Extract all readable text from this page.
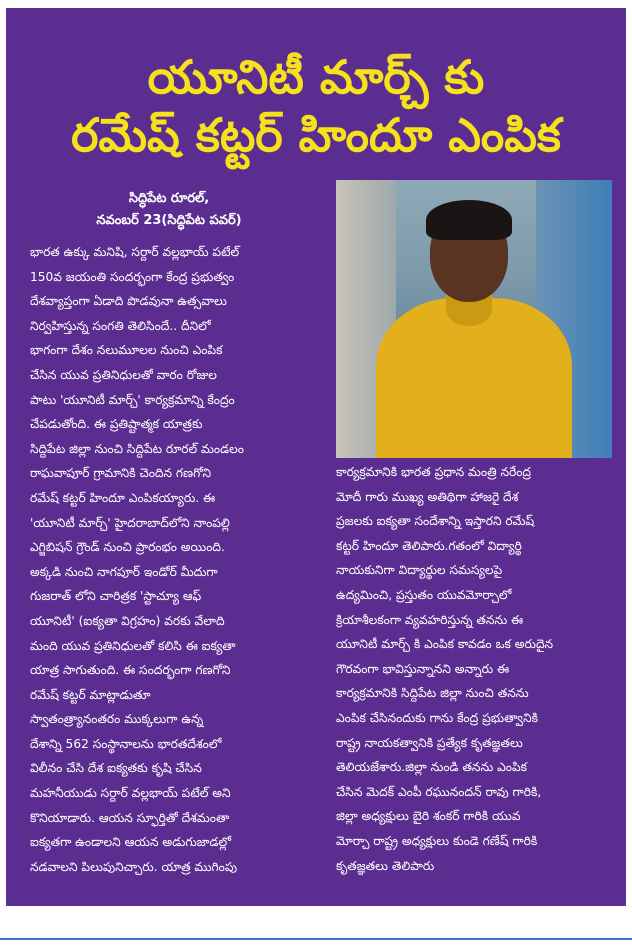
యూనిటీ మార్చ్ కు
రమేష్ కట్టర్ హిందూ ఎంపిక
సిద్ధిపేట రూరల్,
నవంబర్ 23(సిద్ధిపేట పవర్)
భారత ఉక్కు మనిషి, సర్దార్ వల్లభాయ్ పటేల్
150వ జయంతి సందర్భంగా కేంద్ర ప్రభుత్వం
దేశవ్యాప్తంగా ఏడాది పొడవునా ఉత్సవాలు
నిర్వహిస్తున్న సంగతి తెలిసిందే.. దీనిలో
భాగంగా దేశం నలుమూలల నుంచి ఎంపిక
చేసిన యువ ప్రతినిధులతో వారం రోజుల
పాటు 'యూనిటీ మార్చ్' కార్యక్రమాన్ని కేంద్రం
చేపడుతోంది. ఈ ప్రతిష్టాత్మక యాత్రకు
సిద్దిపేట జిల్లా నుంచి సిద్దిపేట రూరల్ మండలం
రాఘవాపూర్ గ్రామానికి చెందిన గణగోని
రమేష్ కట్టర్ హిందూ ఎంపికయ్యారు. ఈ
'యూనిటీ మార్చ్' హైదరాబాద్‌లోని నాంపల్లి
ఎగ్జిబిషన్ గ్రౌండ్ నుంచి ప్రారంభం అయింది.
అక్కడి నుంచి నాగపూర్ ఇండోర్ మీదుగా
గుజరాత్ లోని చారిత్రక 'స్టాచ్యూ ఆఫ్
యూనిటీ' (ఐక్యతా విగ్రహం) వరకు వేలాది
మంది యువ ప్రతినిధులతో కలిసి ఈ ఐక్యతా
యాత్ర సాగుతుంది. ఈ సందర్భంగా గణగోని
రమేష్ కట్టర్ మాట్లాడుతూ
స్వాతంత్ర్యానంతరం ముక్కలుగా ఉన్న
దేశాన్ని 562 సంస్థానాలను భారతదేశంలో
విలీనం చేసి దేశ ఐక్యతకు కృషి చేసిన
మహనీయుడు సర్దార్ వల్లభాయ్ పటేల్ అని
కొనియాడారు. ఆయన స్ఫూర్తితో దేశమంతా
ఐక్యతగా ఉండాలని ఆయన అడుగుజాడల్లో
నడవాలని పిలుపునిచ్చారు. యాత్ర ముగింపు
కార్యక్రమానికి భారత ప్రధాన మంత్రి నరేంద్ర
మోదీ గారు ముఖ్య అతిథిగా హాజరై దేశ
ప్రజలకు ఐక్యతా సందేశాన్ని ఇస్తారని రమేష్
కట్టర్ హిందూ తెలిపారు.గతంలో విద్యార్థి
నాయకునిగా విద్యార్థుల సమస్యలపై
ఉద్యమించి, ప్రస్తుతం యువమోర్చాలో
క్రియాశీలకంగా వ్యవహరిస్తున్న తనను ఈ
యూనిటీ మార్చ్ కి ఎంపిక కావడం ఒక అరుదైన
గౌరవంగా భావిస్తున్నానని అన్నారు ఈ
కార్యక్రమానికి సిద్దిపేట జిల్లా నుంచి తనను
ఎంపిక చేసినందుకు గాను కేంద్ర ప్రభుత్వానికి
రాష్ట్ర నాయకత్వానికి ప్రత్యేక కృతజ్ఞతలు
తెలియజేశారు.జిల్లా నుండి తనను ఎంపిక
చేసిన మెదక్ ఎంపీ రఘునందన్ రావు గారికి,
జిల్లా అధ్యక్షులు బైరి శంకర్ గారికి యువ
మోర్చా రాష్ట్ర అధ్యక్షులు కుండె గణేష్ గారికి
కృతజ్ఞతలు తెలిపారు
